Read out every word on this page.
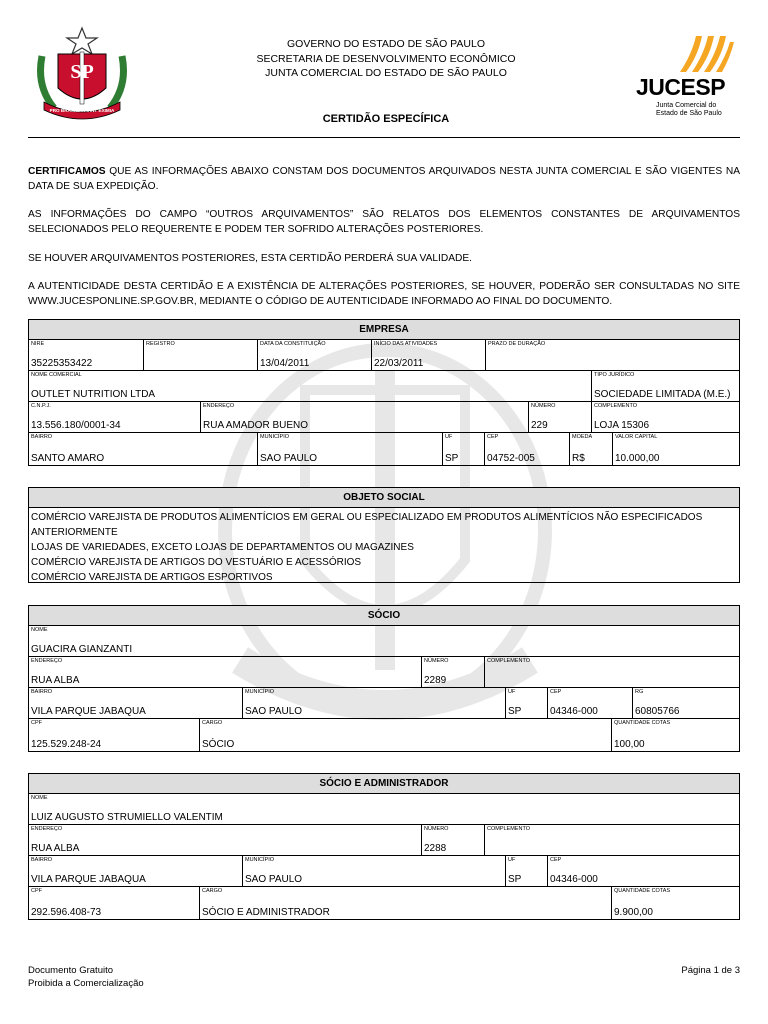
SP
PRO BRASILIA FIANT EXIMIA
GOVERNO DO ESTADO DE SÃO PAULO
SECRETARIA DE DESENVOLVIMENTO ECONÔMICO
JUNTA COMERCIAL DO ESTADO DE SÃO PAULO
CERTIDÃO ESPECÍFICA
JUCESP
Junta Comercial do
Estado de São Paulo
CERTIFICAMOS QUE AS INFORMAÇÕES ABAIXO CONSTAM DOS DOCUMENTOS ARQUIVADOS NESTA JUNTA COMERCIAL E SÃO VIGENTES NA DATA DE SUA EXPEDIÇÃO.
AS INFORMAÇÕES DO CAMPO “OUTROS ARQUIVAMENTOS” SÃO RELATOS DOS ELEMENTOS CONSTANTES DE ARQUIVAMENTOS SELECIONADOS PELO REQUERENTE E PODEM TER SOFRIDO ALTERAÇÕES POSTERIORES.
SE HOUVER ARQUIVAMENTOS POSTERIORES, ESTA CERTIDÃO PERDERÁ SUA VALIDADE.
A AUTENTICIDADE DESTA CERTIDÃO E A EXISTÊNCIA DE ALTERAÇÕES POSTERIORES, SE HOUVER, PODERÃO SER CONSULTADAS NO SITE WWW.JUCESPONLINE.SP.GOV.BR, MEDIANTE O CÓDIGO DE AUTENTICIDADE INFORMADO AO FINAL DO DOCUMENTO.
EMPRESA
NIRE
35225353422
REGISTRO	DATA DA CONSTITUIÇÃO
13/04/2011
INÍCIO DAS ATIVIDADES
22/03/2011
PRAZO DE DURAÇÃO
NOME COMERCIAL
OUTLET NUTRITION LTDA
TIPO JURÍDICO
SOCIEDADE LIMITADA (M.E.)
C.N.P.J.
13.556.180/0001-34
ENDEREÇO
RUA AMADOR BUENO
NÚMERO
229
COMPLEMENTO
LOJA 15306
BAIRRO
SANTO AMARO
MUNICÍPIO
SAO PAULO
UF
SP
CEP
04752-005
MOEDA
R$
VALOR CAPITAL
10.000,00
OBJETO SOCIAL
COMÉRCIO VAREJISTA DE PRODUTOS ALIMENTÍCIOS EM GERAL OU ESPECIALIZADO EM PRODUTOS ALIMENTÍCIOS NÃO ESPECIFICADOS
ANTERIORMENTE
LOJAS DE VARIEDADES, EXCETO LOJAS DE DEPARTAMENTOS OU MAGAZINES
COMÉRCIO VAREJISTA DE ARTIGOS DO VESTUÁRIO E ACESSÓRIOS
COMÉRCIO VAREJISTA DE ARTIGOS ESPORTIVOS
SÓCIO
NOME
GUACIRA GIANZANTI
ENDEREÇO
RUA ALBA
NÚMERO
2289
COMPLEMENTO
BAIRRO
VILA PARQUE JABAQUA
MUNICÍPIO
SAO PAULO
UF
SP
CEP
04346-000
RG
60805766
CPF
125.529.248-24
CARGO
SÓCIO
QUANTIDADE COTAS
100,00
SÓCIO E ADMINISTRADOR
NOME
LUIZ AUGUSTO STRUMIELLO VALENTIM
ENDEREÇO
RUA ALBA
NÚMERO
2288
COMPLEMENTO
BAIRRO
VILA PARQUE JABAQUA
MUNICÍPIO
SAO PAULO
UF
SP
CEP
04346-000
CPF
292.596.408-73
CARGO
SÓCIO E ADMINISTRADOR
QUANTIDADE COTAS
9.900,00
Documento Gratuito
Proibida a Comercialização
Página 1 de 3
